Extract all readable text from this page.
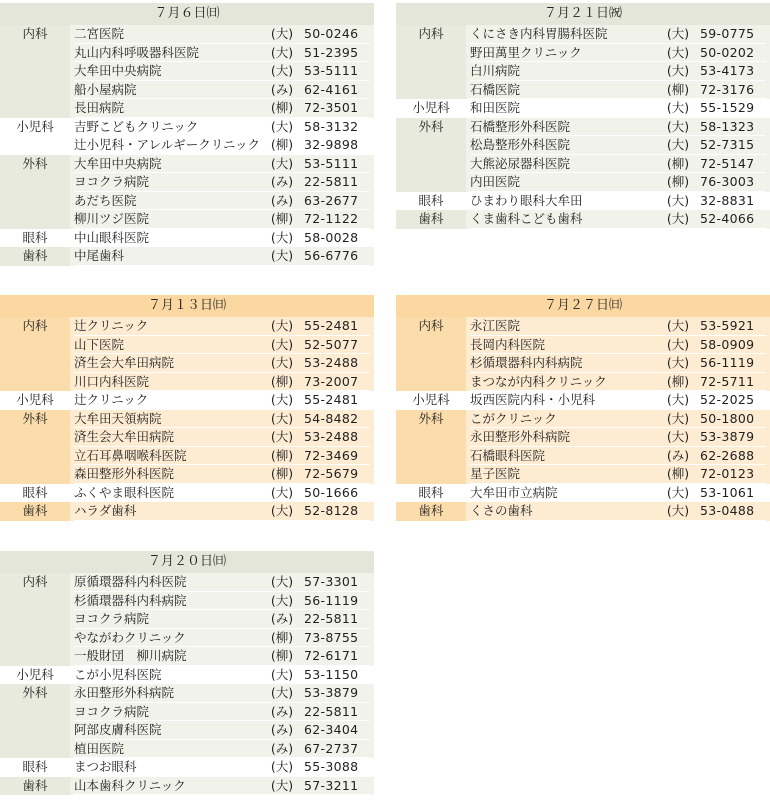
７月６日㈰
内科	二宮医院	(大) 50-0246
丸山内科呼吸器科医院	(大) 51-2395
大牟田中央病院	(大) 53-5111
船小屋病院	(み) 62-4161
長田病院	(柳) 72-3501
小児科	吉野こどもクリニック	(大) 58-3132
辻小児科・アレルギークリニック (柳) 32-9898
外科	大牟田中央病院	(大) 53-5111
ヨコクラ病院	(み) 22-5811
あだち医院	(み) 63-2677
柳川ツジ医院	(柳) 72-1122
眼科	中山眼科医院	(大) 58-0028
歯科	中尾歯科	(大) 56-6776
７月２１日㈷
内科	くにさき内科胃腸科医院	(大) 59-0775
野田萬里クリニック	(大) 50-0202
白川病院	(大) 53-4173
石橋医院	(柳) 72-3176
小児科	和田医院	(大) 55-1529
外科	石橋整形外科医院	(大) 58-1323
松島整形外科医院	(大) 52-7315
大熊泌尿器科医院	(柳) 72-5147
内田医院	(柳) 76-3003
眼科	ひまわり眼科大牟田	(大) 32-8831
歯科	くま歯科こども歯科	(大) 52-4066
７月１３日㈰
内科	辻クリニック	(大) 55-2481
山下医院	(大) 52-5077
済生会大牟田病院	(大) 53-2488
川口内科医院	(柳) 73-2007
小児科	辻クリニック	(大) 55-2481
外科	大牟田天領病院	(大) 54-8482
済生会大牟田病院	(大) 53-2488
立石耳鼻咽喉科医院	(柳) 72-3469
森田整形外科医院	(柳) 72-5679
眼科	ふくやま眼科医院	(大) 50-1666
歯科	ハラダ歯科	(大) 52-8128
７月２７日㈰
内科	永江医院	(大) 53-5921
長岡内科医院	(大) 58-0909
杉循環器科内科病院	(大) 56-1119
まつなが内科クリニック	(柳) 72-5711
小児科	坂西医院内科・小児科	(大) 52-2025
外科	こがクリニック	(大) 50-1800
永田整形外科病院	(大) 53-3879
石橋眼科医院	(み) 62-2688
星子医院	(柳) 72-0123
眼科	大牟田市立病院	(大) 53-1061
歯科	くさの歯科	(大) 53-0488
７月２０日㈰
内科	原循環器科内科医院	(大) 57-3301
杉循環器科内科病院	(大) 56-1119
ヨコクラ病院	(み) 22-5811
やながわクリニック	(柳) 73-8755
一般財団　柳川病院	(柳) 72-6171
小児科	こが小児科医院	(大) 53-1150
外科	永田整形外科病院	(大) 53-3879
ヨコクラ病院	(み) 22-5811
阿部皮膚科医院	(み) 62-3404
植田医院	(み) 67-2737
眼科	まつお眼科	(大) 55-3088
歯科	山本歯科クリニック	(大) 57-3211
